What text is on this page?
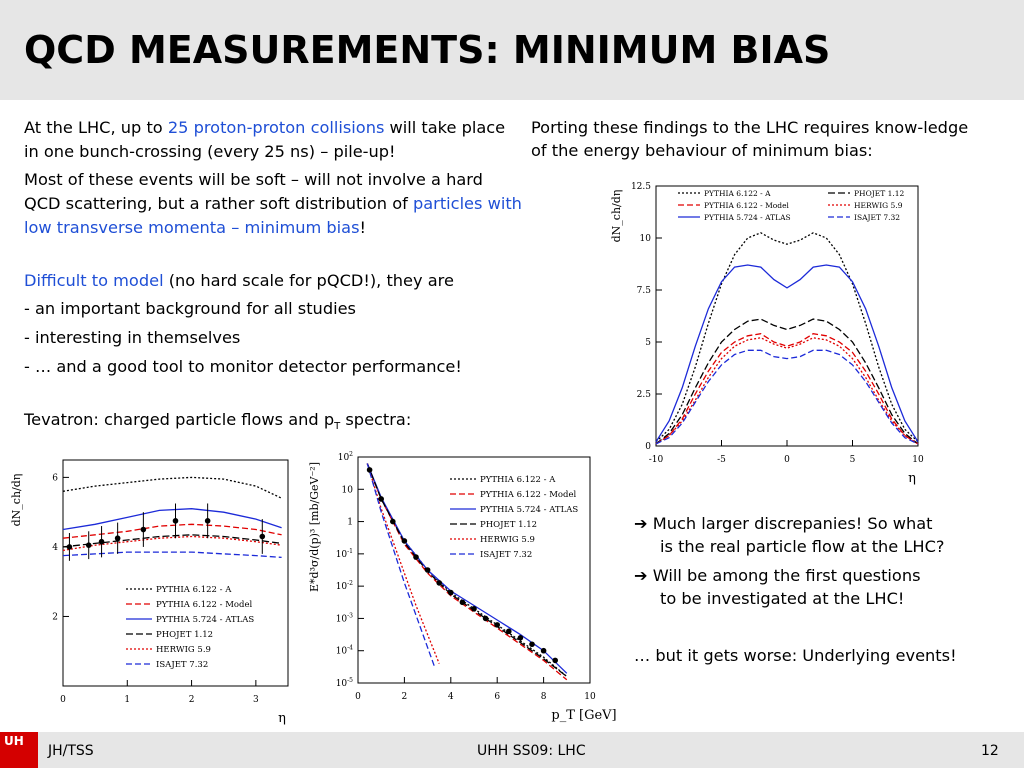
QCD MEASUREMENTS: MINIMUM BIAS

At the LHC, up to 25 proton-proton collisions will take place in one bunch-crossing (every 25 ns) – pile-up!

Most of these events will be soft – will not involve a hard QCD scattering, but a rather soft distribution of particles with low transverse momenta – minimum bias!

Difficult to model (no hard scale for pQCD!), they are

- an important background for all studies

- interesting in themselves

- … and a good tool to monitor detector performance!

Tevatron: charged particle flows and $p_T$ spectra:

Porting these findings to the LHC requires know-ledge of the energy behaviour of minimum bias:
0	1	2	3
2
4
6
η
dN_ch/dη
PYTHIA 6.122 - A
PYTHIA 6.122 - Model
PYTHIA 5.724 - ATLAS
PHOJET 1.12
HERWIG 5.9
ISAJET 7.32
0	2	4	6	8	10
$10^2$
10
1
$10^{-1}$
$10^{-2}$
$10^{-3}$
$10^{-4}$
$10^{-5}$
p_T [GeV]
E*d³σ/d(p)³ [mb/GeV⁻²]	PYTHIA 6.122 - A
PYTHIA 6.122 - Model
PYTHIA 5.724 - ATLAS
PHOJET 1.12
HERWIG 5.9
ISAJET 7.32
-10	-5	0	5	10
0
2.5
5
7.5
10
12.5
η
dN_ch/dη	PYTHIA 6.122 - A
PYTHIA 6.122 - Model
PYTHIA 5.724 - ATLAS
PHOJET 1.12
HERWIG 5.9
ISAJET 7.32
➔ Much larger discrepanies! So what
is the real particle flow at the LHC?
➔ Will be among the first questions
to be investigated at the LHC!
… but it gets worse: Underlying events!
UH
JH/TSS	UHH SS09: LHC	12
